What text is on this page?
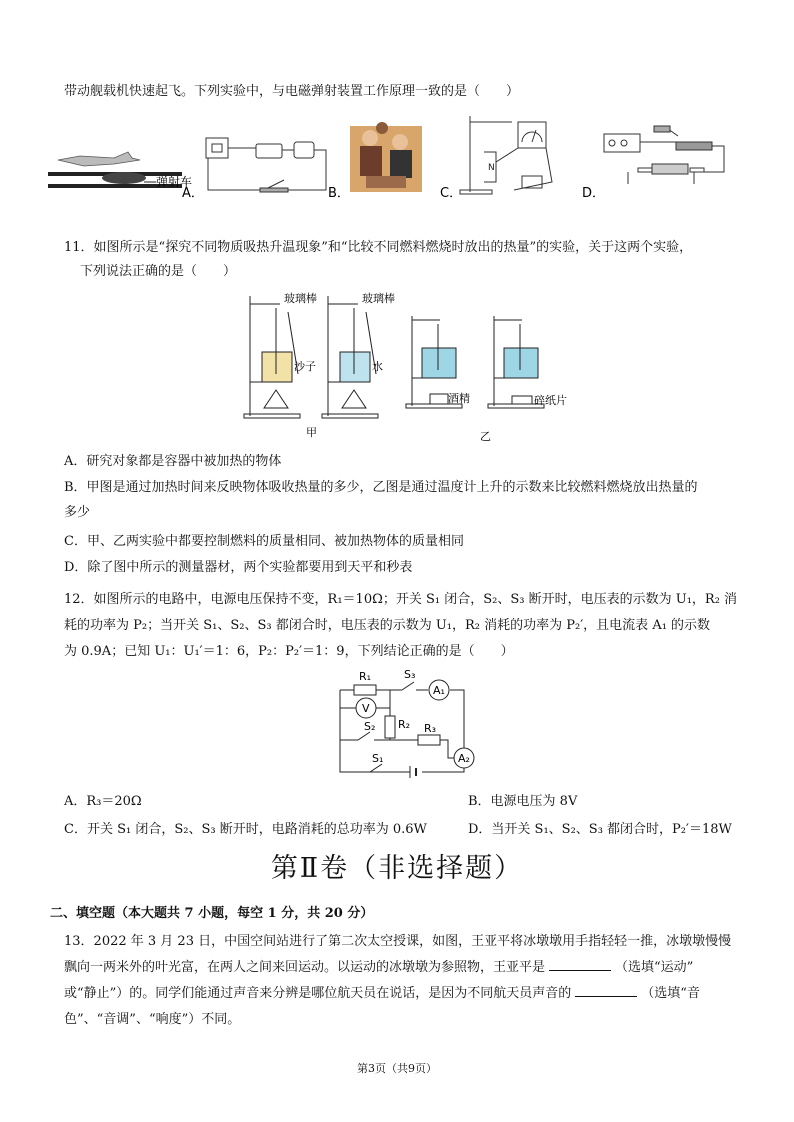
带动舰载机快速起飞。下列实验中，与电磁弹射装置工作原理一致的是（　　）
弹射车
A．	B．	C．
N
D．
11．如图所示是“探究不同物质吸热升温现象”和“比较不同燃料燃烧时放出的热量”的实验，关于这两个实验，
下列说法正确的是（　　）
玻璃棒	玻璃棒
沙子	水
酒精	碎纸片
甲	乙
A．研究对象都是容器中被加热的物体
B．甲图是通过加热时间来反映物体吸收热量的多少，乙图是通过温度计上升的示数来比较燃料燃烧放出热量的
多少
C．甲、乙两实验中都要控制燃料的质量相同、被加热物体的质量相同
D．除了图中所示的测量器材，两个实验都要用到天平和秒表
12．如图所示的电路中，电源电压保持不变，R₁＝10Ω；开关 S₁ 闭合，S₂、S₃ 断开时，电压表的示数为 U₁，R₂ 消
耗的功率为 P₂；当开关 S₁、S₂、S₃ 都闭合时，电压表的示数为 U₁，R₂ 消耗的功率为 P₂′，且电流表 A₁ 的示数
为 0.9A；已知 U₁：U₁′＝1：6，P₂：P₂′＝1：9，下列结论正确的是（　　）
R₁	S₃
A₁
V
R₂
S₂	R₃
A₂
S₁
A．R₃＝20Ω	B．电源电压为 8V
C．开关 S₁ 闭合，S₂、S₃ 断开时，电路消耗的总功率为 0.6W	D．当开关 S₁、S₂、S₃ 都闭合时，P₂′＝18W
第Ⅱ卷（非选择题）
二、填空题（本大题共 7 小题，每空 1 分，共 20 分）
13．2022 年 3 月 23 日，中国空间站进行了第二次太空授课，如图，王亚平将冰墩墩用手指轻轻一推，冰墩墩慢慢
飘向一两米外的叶光富，在两人之间来回运动。以运动的冰墩墩为参照物，王亚平是	（选填“运动”
或“静止”）的。同学们能通过声音来分辨是哪位航天员在说话，是因为不同航天员声音的	（选填“音
色”、“音调”、“响度”）不同。
第3页（共9页）
